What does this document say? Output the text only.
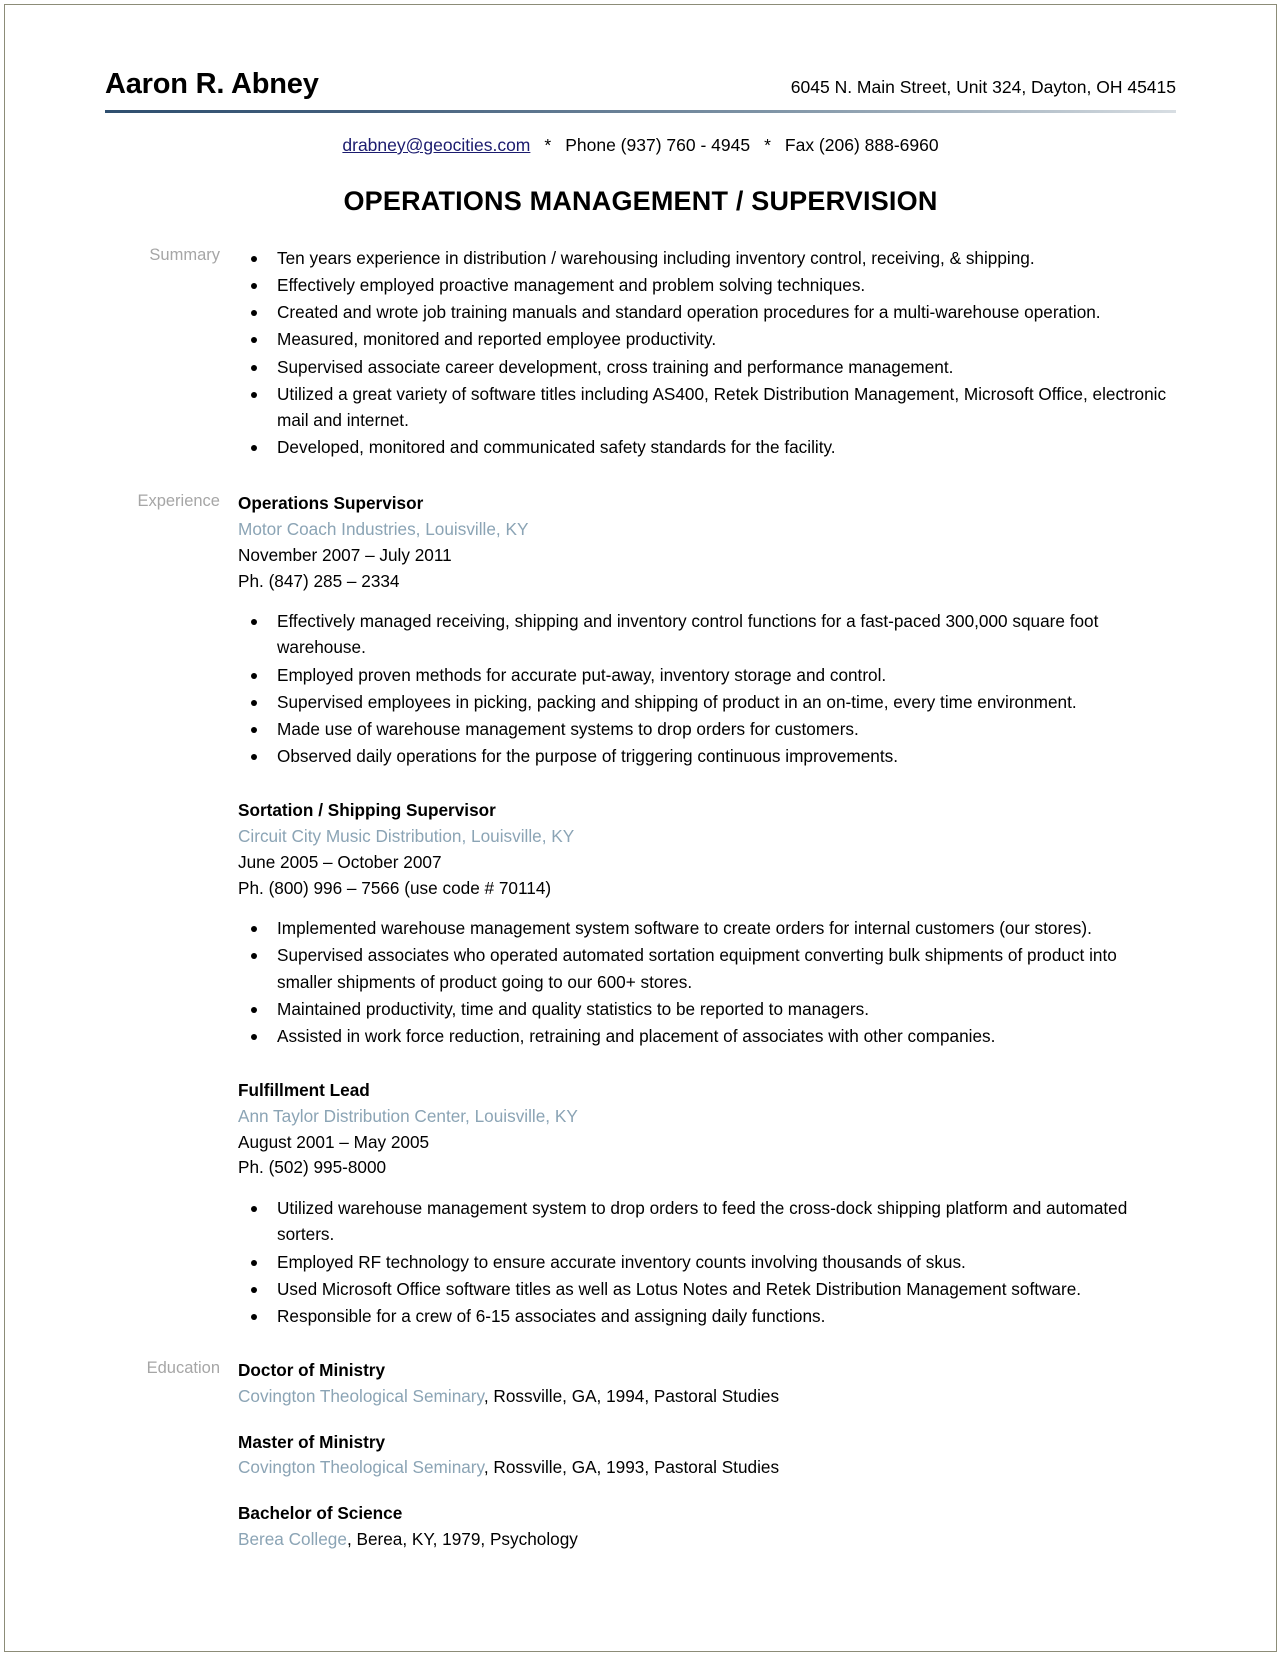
Aaron R. Abney	6045 N. Main Street, Unit 324, Dayton, OH 45415
drabney@geocities.com * Phone (937) 760 - 4945 * Fax (206) 888-6960
OPERATIONS MANAGEMENT / SUPERVISION
Summary	Ten years experience in distribution / warehousing including inventory control, receiving, & shipping.
Effectively employed proactive management and problem solving techniques.
Created and wrote job training manuals and standard operation procedures for a multi-warehouse operation.
Measured, monitored and reported employee productivity.
Supervised associate career development, cross training and performance management.
Utilized a great variety of software titles including AS400, Retek Distribution Management, Microsoft Office, electronic mail and internet.
Developed, monitored and communicated safety standards for the facility.
Experience	Operations Supervisor
Motor Coach Industries, Louisville, KY
November 2007 – July 2011
Ph. (847) 285 – 2334
Effectively managed receiving, shipping and inventory control functions for a fast-paced 300,000 square foot warehouse.
Employed proven methods for accurate put-away, inventory storage and control.
Supervised employees in picking, packing and shipping of product in an on-time, every time environment.
Made use of warehouse management systems to drop orders for customers.
Observed daily operations for the purpose of triggering continuous improvements.
Sortation / Shipping Supervisor
Circuit City Music Distribution, Louisville, KY
June 2005 – October 2007
Ph. (800) 996 – 7566 (use code # 70114)
Implemented warehouse management system software to create orders for internal customers (our stores).
Supervised associates who operated automated sortation equipment converting bulk shipments of product into smaller shipments of product going to our 600+ stores.
Maintained productivity, time and quality statistics to be reported to managers.
Assisted in work force reduction, retraining and placement of associates with other companies.
Fulfillment Lead
Ann Taylor Distribution Center, Louisville, KY
August 2001 – May 2005
Ph. (502) 995-8000
Utilized warehouse management system to drop orders to feed the cross-dock shipping platform and automated sorters.
Employed RF technology to ensure accurate inventory counts involving thousands of skus.
Used Microsoft Office software titles as well as Lotus Notes and Retek Distribution Management software.
Responsible for a crew of 6-15 associates and assigning daily functions.
Education	Doctor of Ministry
Covington Theological Seminary, Rossville, GA, 1994, Pastoral Studies
Master of Ministry
Covington Theological Seminary, Rossville, GA, 1993, Pastoral Studies
Bachelor of Science
Berea College, Berea, KY, 1979, Psychology
